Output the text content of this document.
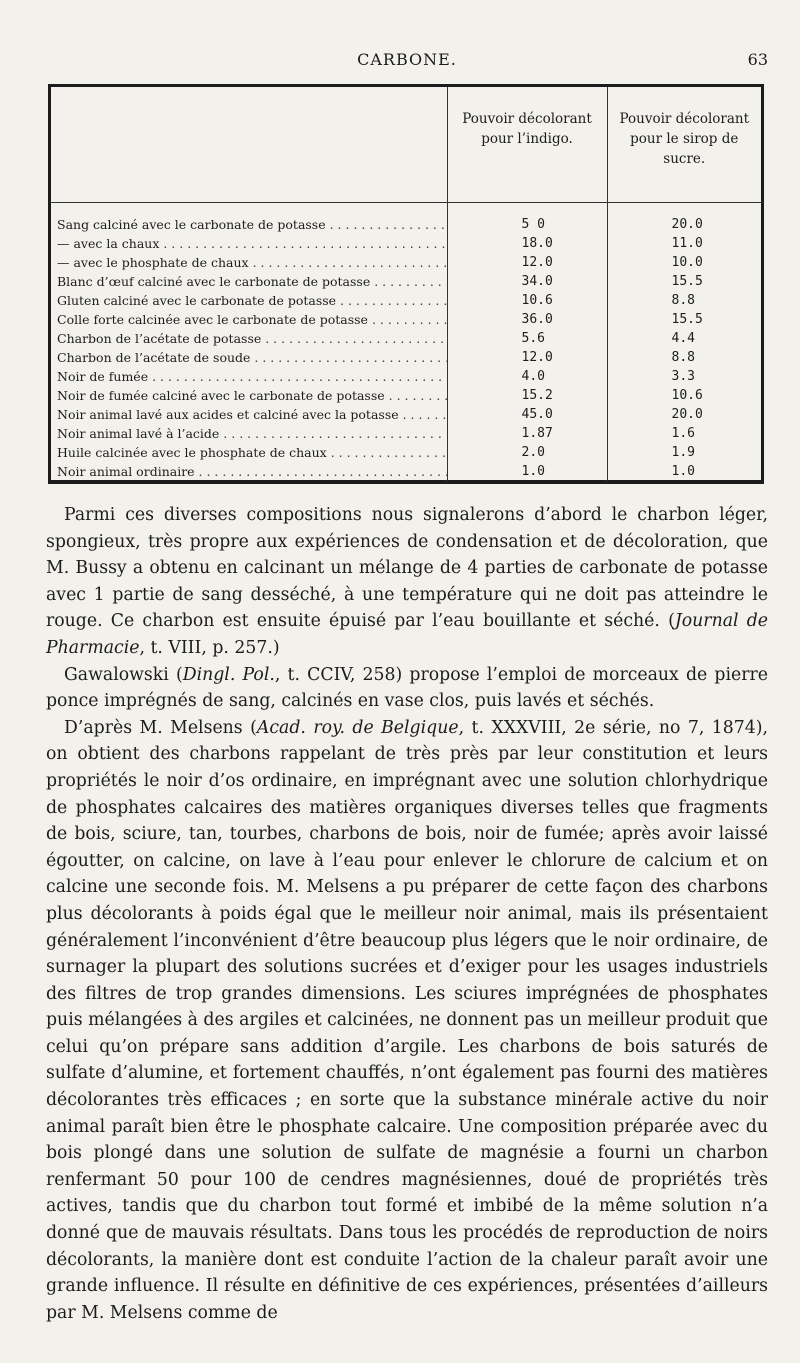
CARBONE.	63
	Pouvoir décolorant pour l’indigo.	Pouvoir décolorant pour le sirop de sucre.
Sang calciné avec le carbonate de potasse . . .	5 0	20.0
— avec la chaux . . .	18.0	11.0
— avec le phosphate de chaux . . .	12.0	10.0
Blanc d’œuf calciné avec le carbonate de potasse . . .	34.0	15.5
Gluten calciné avec le carbonate de potasse . . .	10.6	8.8
Colle forte calcinée avec le carbonate de potasse . . .	36.0	15.5
Charbon de l’acétate de potasse . . .	5.6	4.4
Charbon de l’acétate de soude . . .	12.0	8.8
Noir de fumée . . .	4.0	3.3
Noir de fumée calciné avec le carbonate de potasse . . .	15.2	10.6
Noir animal lavé aux acides et calciné avec la potasse . . .	45.0	20.0
Noir animal lavé à l’acide . . .	1.87	1.6
Huile calcinée avec le phosphate de chaux . . .	2.0	1.9
Noir animal ordinaire . . .	1.0	1.0

Parmi ces diverses compositions nous signalerons d’abord le charbon léger, spongieux, très propre aux expériences de condensation et de décoloration, que M. Bussy a obtenu en calcinant un mélange de 4 parties de carbonate de potasse avec 1 partie de sang desséché, à une température qui ne doit pas atteindre le rouge. Ce charbon est ensuite épuisé par l’eau bouillante et séché. (Journal de Pharmacie, t. VIII, p. 257.)

Gawalowski (Dingl. Pol., t. CCIV, 258) propose l’emploi de morceaux de pierre ponce imprégnés de sang, calcinés en vase clos, puis lavés et séchés.

D’après M. Melsens (Acad. roy. de Belgique, t. XXXVIII, 2e série, no 7, 1874), on obtient des charbons rappelant de très près par leur constitution et leurs propriétés le noir d’os ordinaire, en imprégnant avec une solution chlorhydrique de phosphates calcaires des matières organiques diverses telles que fragments de bois, sciure, tan, tourbes, charbons de bois, noir de fumée; après avoir laissé égoutter, on calcine, on lave à l’eau pour enlever le chlorure de calcium et on calcine une seconde fois. M. Melsens a pu préparer de cette façon des charbons plus décolorants à poids égal que le meilleur noir animal, mais ils présentaient généralement l’inconvénient d’être beaucoup plus légers que le noir ordinaire, de surnager la plupart des solutions sucrées et d’exiger pour les usages industriels des filtres de trop grandes dimensions. Les sciures imprégnées de phosphates puis mélangées à des argiles et calcinées, ne donnent pas un meilleur produit que celui qu’on prépare sans addition d’argile. Les charbons de bois saturés de sulfate d’alumine, et fortement chauffés, n’ont également pas fourni des matières décolorantes très efficaces ; en sorte que la substance minérale active du noir animal paraît bien être le phosphate calcaire. Une composition préparée avec du bois plongé dans une solution de sulfate de magnésie a fourni un charbon renfermant 50 pour 100 de cendres magnésiennes, doué de propriétés très actives, tandis que du charbon tout formé et imbibé de la même solution n’a donné que de mauvais résultats. Dans tous les procédés de reproduction de noirs décolorants, la manière dont est conduite l’action de la chaleur paraît avoir une grande influence. Il résulte en définitive de ces expériences, présentées d’ailleurs par M. Melsens comme de
